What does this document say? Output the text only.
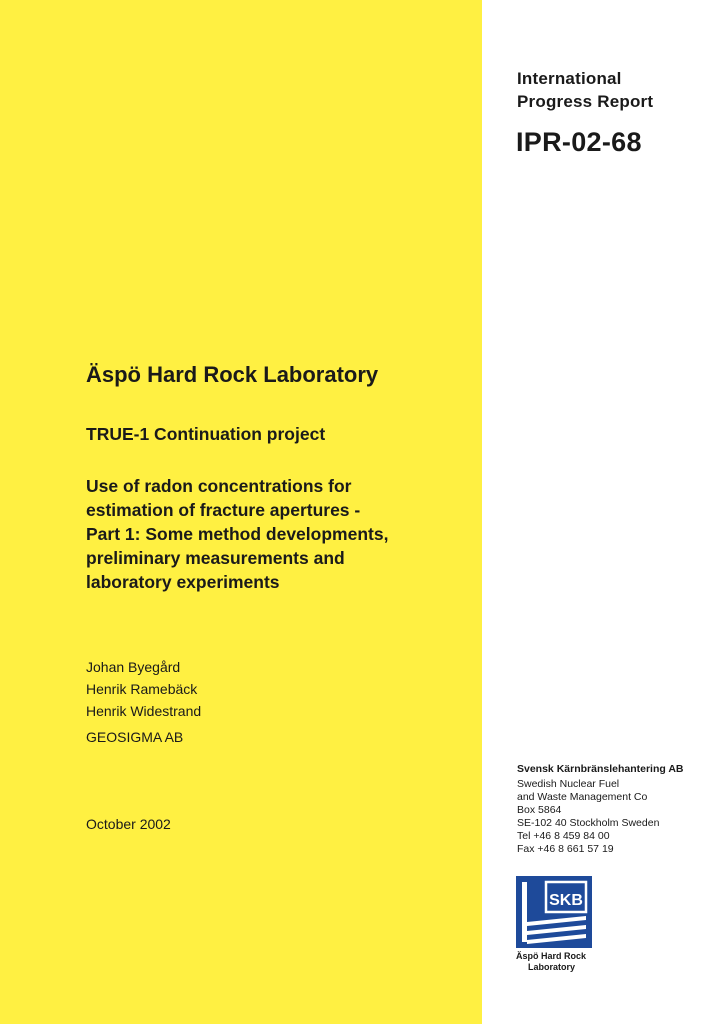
International
Progress Report
IPR-02-68
Äspö Hard Rock Laboratory
TRUE-1 Continuation project
Use of radon concentrations for
estimation of fracture apertures -
Part 1: Some method developments,
preliminary measurements and
laboratory experiments
Johan Byegård
Henrik Ramebäck
Henrik Widestrand
GEOSIGMA AB
October 2002
Svensk Kärnbränslehantering AB
Swedish Nuclear Fuel
and Waste Management Co
Box 5864
SE-102 40 Stockholm Sweden
Tel +46 8 459 84 00
Fax +46 8 661 57 19
SKB
Äspö Hard Rock
Laboratory
